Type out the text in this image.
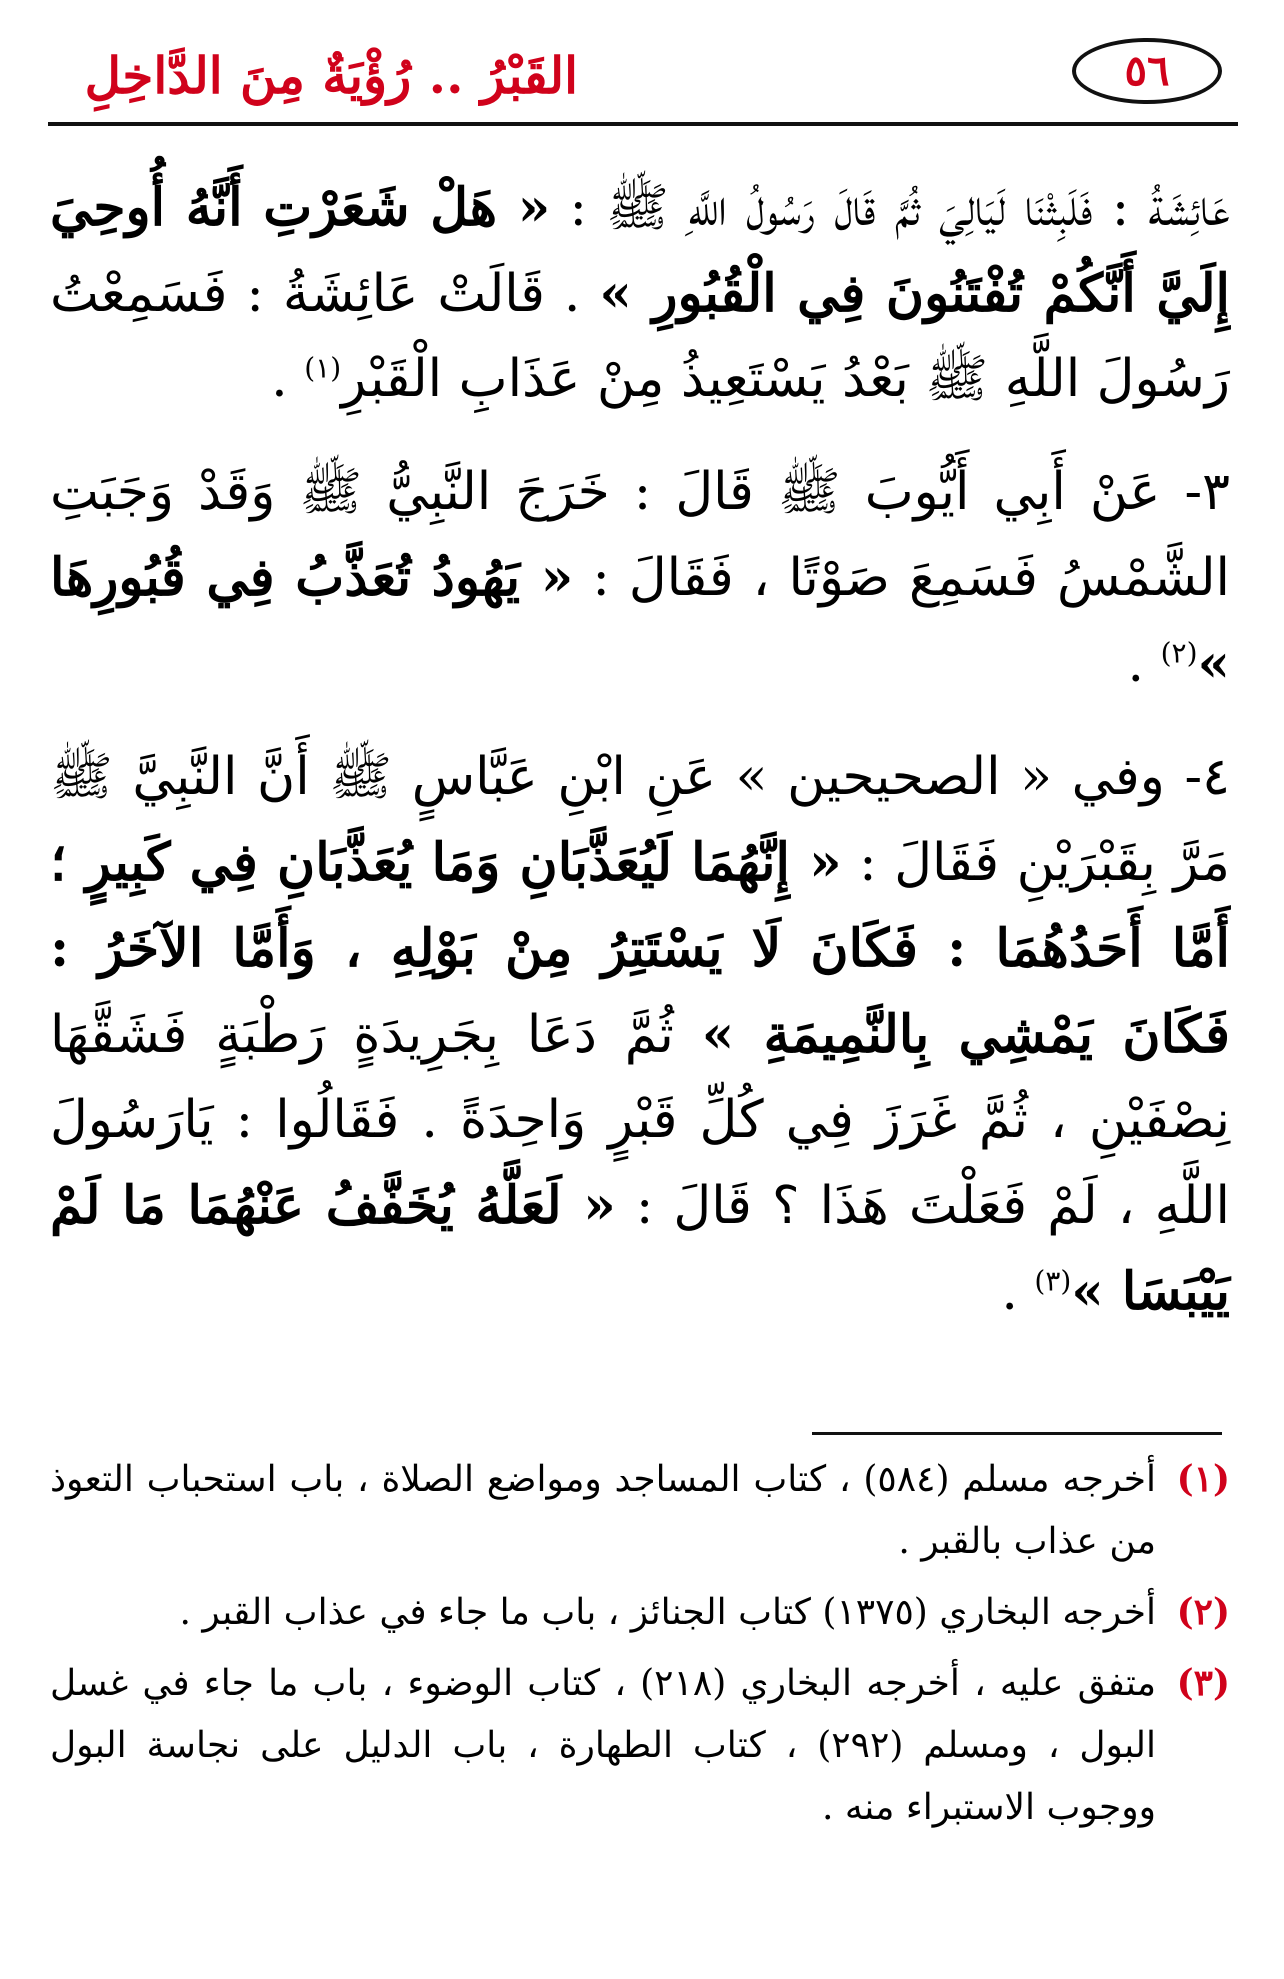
٥٦
القَبْرُ .. رُؤْيَةٌ مِنَ الدَّاخِلِ

عَائِشَةُ : فَلَبِثْنَا لَيَالِيَ ثُمَّ قَالَ رَسُولُ اللَّهِ ﷺ : « هَلْ شَعَرْتِ أَنَّهُ أُوحِيَ إِلَيَّ أَنَّكُمْ تُفْتَنُونَ فِي الْقُبُورِ » . قَالَتْ عَائِشَةُ : فَسَمِعْتُ رَسُولَ اللَّهِ ﷺ بَعْدُ يَسْتَعِيذُ مِنْ عَذَابِ الْقَبْرِ$^{(١)}$ .

٣- عَنْ أَبِي أَيُّوبَ ﷺ قَالَ : خَرَجَ النَّبِيُّ ﷺ وَقَدْ وَجَبَتِ الشَّمْسُ فَسَمِعَ صَوْتًا ، فَقَالَ : « يَهُودُ تُعَذَّبُ فِي قُبُورِهَا »$^{(٢)}$ .

٤- وفي « الصحيحين » عَنِ ابْنِ عَبَّاسٍ ﷺ أَنَّ النَّبِيَّ ﷺ مَرَّ بِقَبْرَيْنِ فَقَالَ : « إِنَّهُمَا لَيُعَذَّبَانِ وَمَا يُعَذَّبَانِ فِي كَبِيرٍ ؛ أَمَّا أَحَدُهُمَا : فَكَانَ لَا يَسْتَتِرُ مِنْ بَوْلِهِ ، وَأَمَّا الآخَرُ : فَكَانَ يَمْشِي بِالنَّمِيمَةِ » ثُمَّ دَعَا بِجَرِيدَةٍ رَطْبَةٍ فَشَقَّهَا نِصْفَيْنِ ، ثُمَّ غَرَزَ فِي كُلِّ قَبْرٍ وَاحِدَةً . فَقَالُوا : يَارَسُولَ اللَّهِ ، لَمْ فَعَلْتَ هَذَا ؟ قَالَ : « لَعَلَّهُ يُخَفَّفُ عَنْهُمَا مَا لَمْ يَيْبَسَا »$^{(٣)}$ .

(١)أخرجه مسلم (٥٨٤) ، كتاب المساجد ومواضع الصلاة ، باب استحباب التعوذ من عذاب بالقبر .

(٢)أخرجه البخاري (١٣٧٥) كتاب الجنائز ، باب ما جاء في عذاب القبر .

(٣)متفق عليه ، أخرجه البخاري (٢١٨) ، كتاب الوضوء ، باب ما جاء في غسل البول ، ومسلم (٢٩٢) ، كتاب الطهارة ، باب الدليل على نجاسة البول ووجوب الاستبراء منه .
